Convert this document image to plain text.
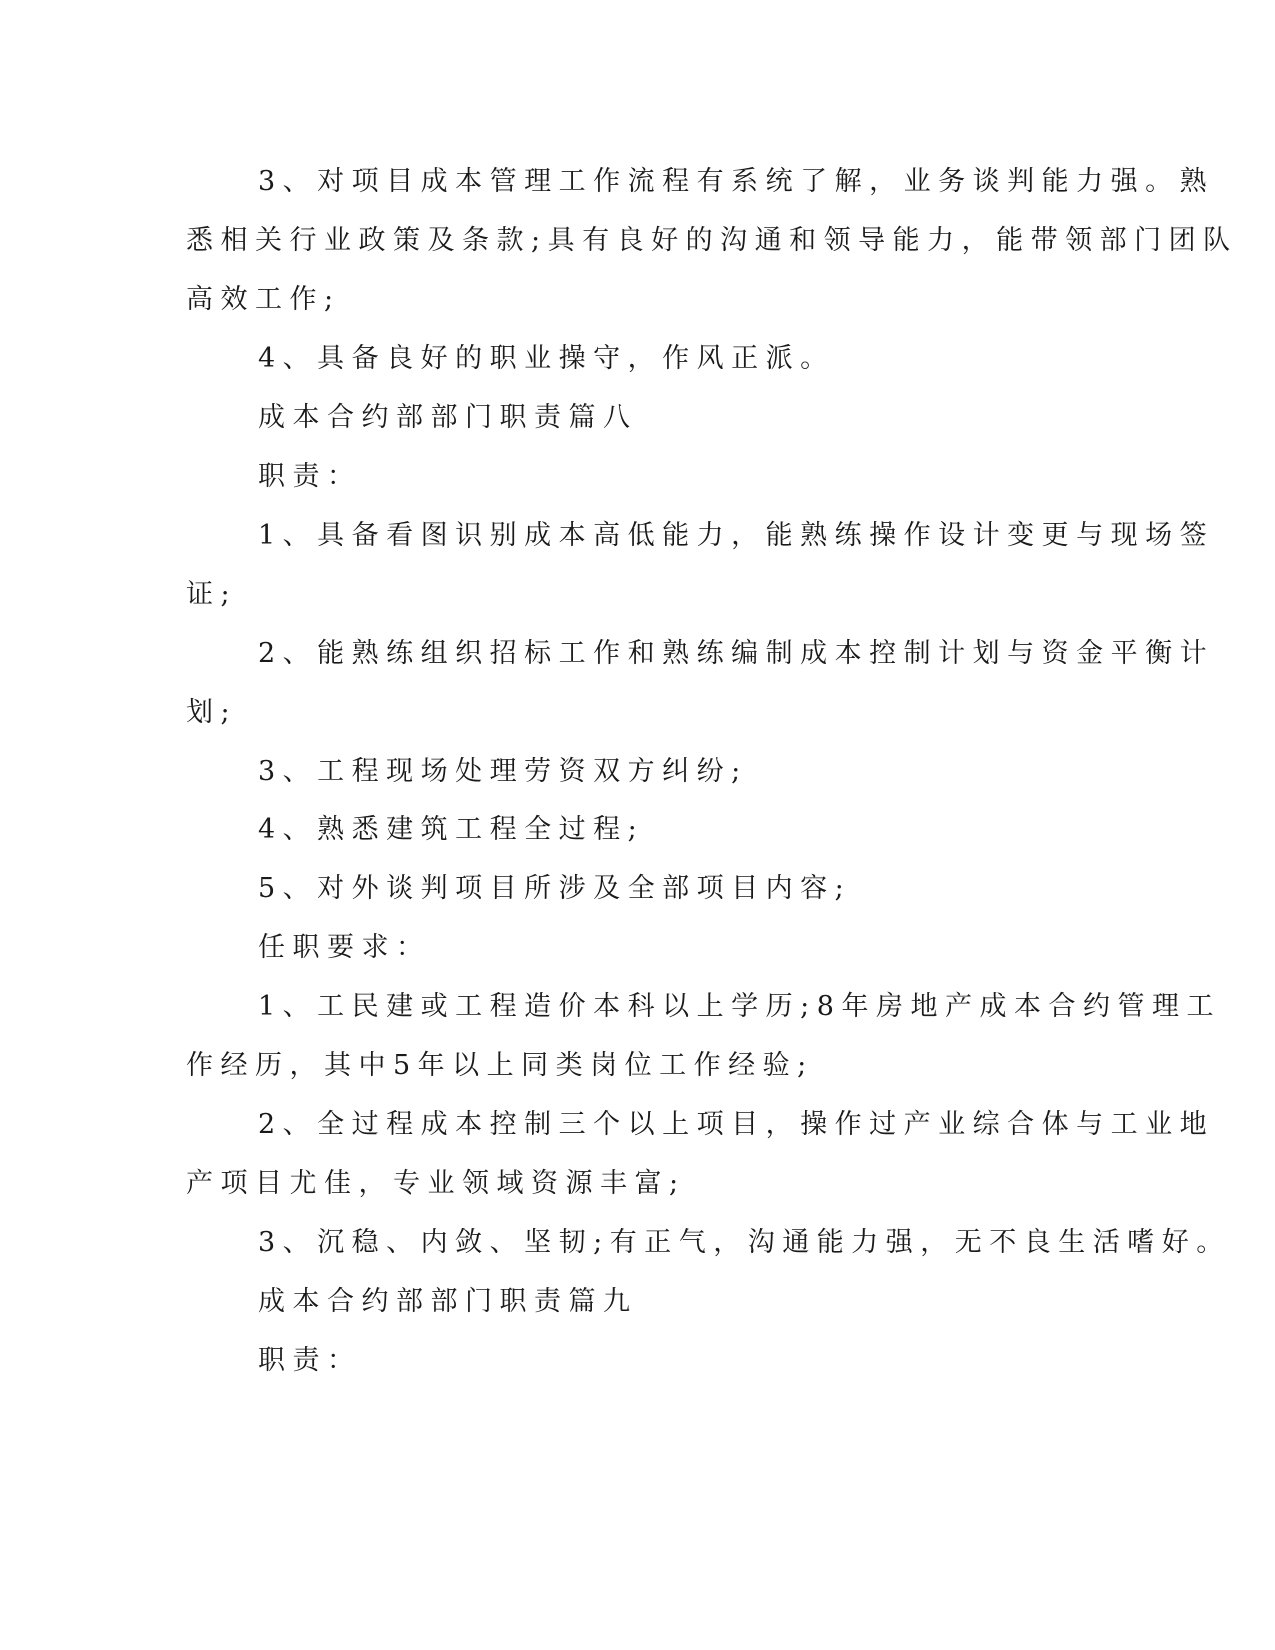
3、对项目成本管理工作流程有系统了解，业务谈判能力强。熟
悉相关行业政策及条款;具有良好的沟通和领导能力，能带领部门团队
高效工作;
4、具备良好的职业操守，作风正派。
成本合约部部门职责篇八
职责：
1、具备看图识别成本高低能力，能熟练操作设计变更与现场签
证;
2、能熟练组织招标工作和熟练编制成本控制计划与资金平衡计
划;
3、工程现场处理劳资双方纠纷;
4、熟悉建筑工程全过程;
5、对外谈判项目所涉及全部项目内容;
任职要求：
1、工民建或工程造价本科以上学历;8年房地产成本合约管理工
作经历，其中5年以上同类岗位工作经验;
2、全过程成本控制三个以上项目，操作过产业综合体与工业地
产项目尤佳，专业领域资源丰富;
3、沉稳、内敛、坚韧;有正气，沟通能力强，无不良生活嗜好。
成本合约部部门职责篇九
职责：
